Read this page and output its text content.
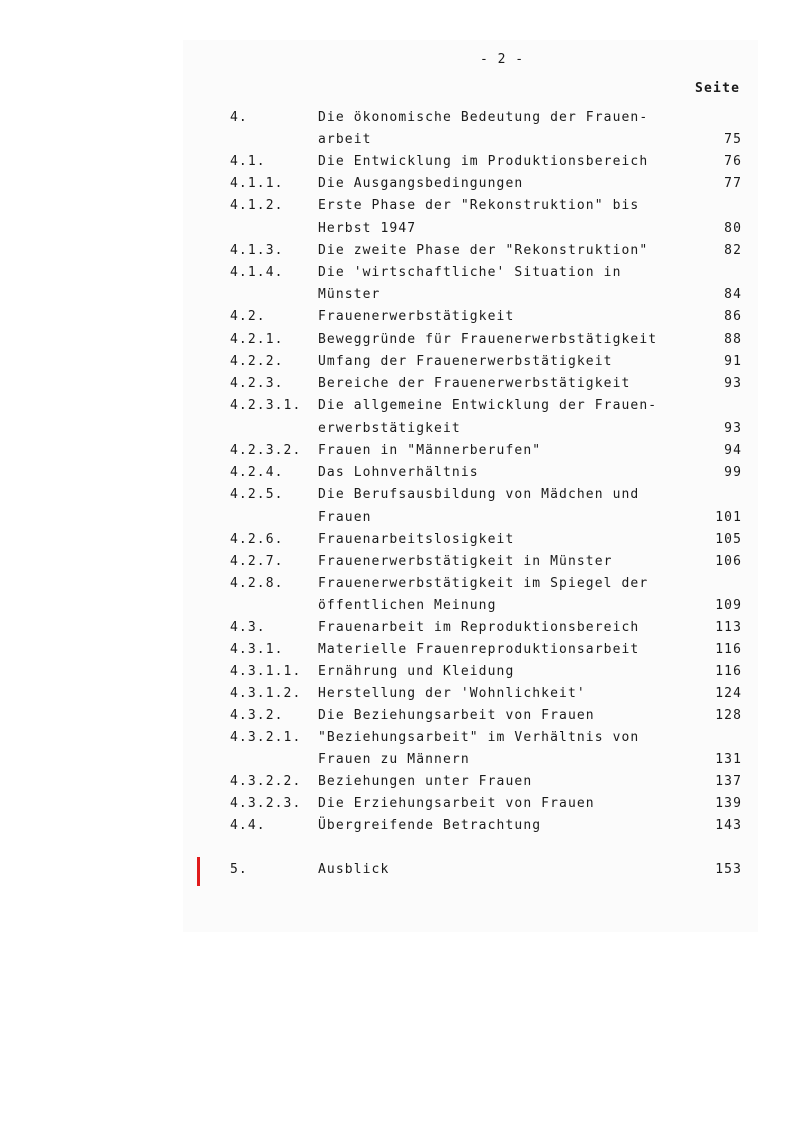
- 2 -
Seite
4.	Die ökonomische Bedeutung der Frauen-
arbeit	75
4.1.	Die Entwicklung im Produktionsbereich	76
4.1.1.	Die Ausgangsbedingungen	77
4.1.2.	Erste Phase der "Rekonstruktion" bis
Herbst 1947	80
4.1.3.	Die zweite Phase der "Rekonstruktion"	82
4.1.4.	Die 'wirtschaftliche' Situation in
Münster	84
4.2.	Frauenerwerbstätigkeit	86
4.2.1.	Beweggründe für Frauenerwerbstätigkeit	88
4.2.2.	Umfang der Frauenerwerbstätigkeit	91
4.2.3.	Bereiche der Frauenerwerbstätigkeit	93
4.2.3.1. Die allgemeine Entwicklung der Frauen-
erwerbstätigkeit	93
4.2.3.2. Frauen in "Männerberufen"	94
4.2.4.	Das Lohnverhältnis	99
4.2.5.	Die Berufsausbildung von Mädchen und
Frauen	101
4.2.6.	Frauenarbeitslosigkeit	105
4.2.7.	Frauenerwerbstätigkeit in Münster	106
4.2.8.	Frauenerwerbstätigkeit im Spiegel der
öffentlichen Meinung	109
4.3.	Frauenarbeit im Reproduktionsbereich	113
4.3.1.	Materielle Frauenreproduktionsarbeit	116
4.3.1.1. Ernährung und Kleidung	116
4.3.1.2. Herstellung der 'Wohnlichkeit'	124
4.3.2.	Die Beziehungsarbeit von Frauen	128
4.3.2.1. "Beziehungsarbeit" im Verhältnis von
Frauen zu Männern	131
4.3.2.2. Beziehungen unter Frauen	137
4.3.2.3. Die Erziehungsarbeit von Frauen	139
4.4.	Übergreifende Betrachtung	143
5.	Ausblick	153
